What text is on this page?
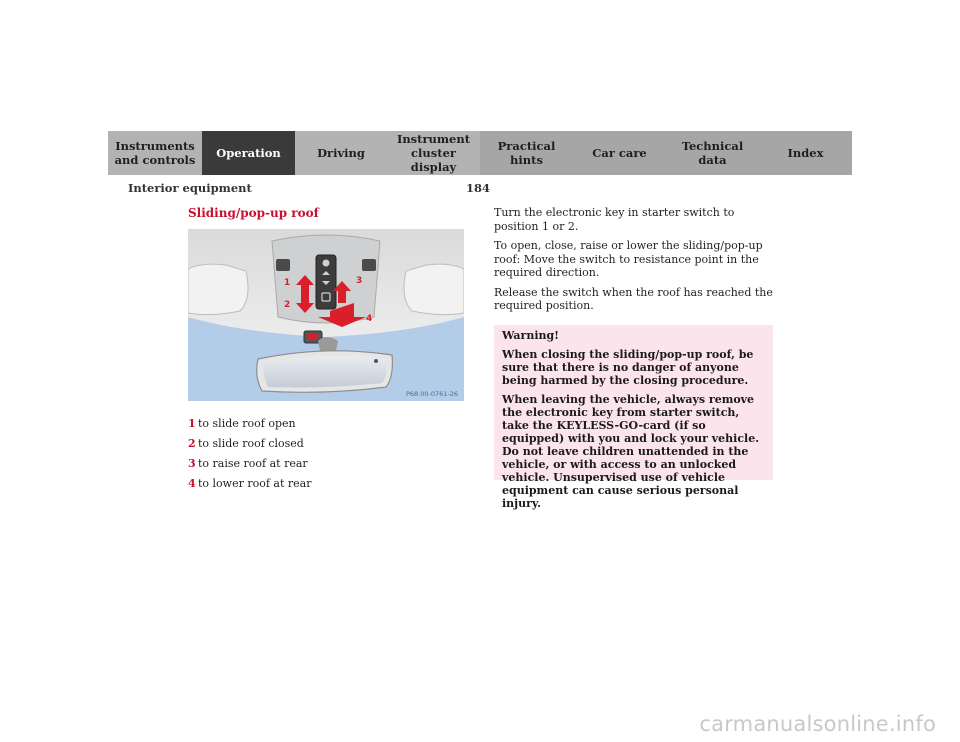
Instruments
and controls	Operation	Driving
Instrument
cluster display
Practical hints	Car care	Technical
data	Index
Interior equipment	184
Sliding/pop-up roof
1
2
3
4
P68.00-0761-26
1 to slide roof open
2 to slide roof closed
3 to raise roof at rear
4 to lower roof at rear

Turn the electronic key in starter switch to position 1 or 2.

To open, close, raise or lower the sliding/pop-up roof: Move the switch to resistance point in the required direction.

Release the switch when the roof has reached the required position.

Warning!

When closing the sliding/pop-up roof, be sure that there is no danger of anyone being harmed by the closing procedure.

When leaving the vehicle, always remove the electronic key from starter switch, take the KEYLESS-GO-card (if so equipped) with you and lock your vehicle. Do not leave children unattended in the vehicle, or with access to an unlocked vehicle. Unsupervised use of vehicle equipment can cause serious personal injury.

carmanualsonline.info
